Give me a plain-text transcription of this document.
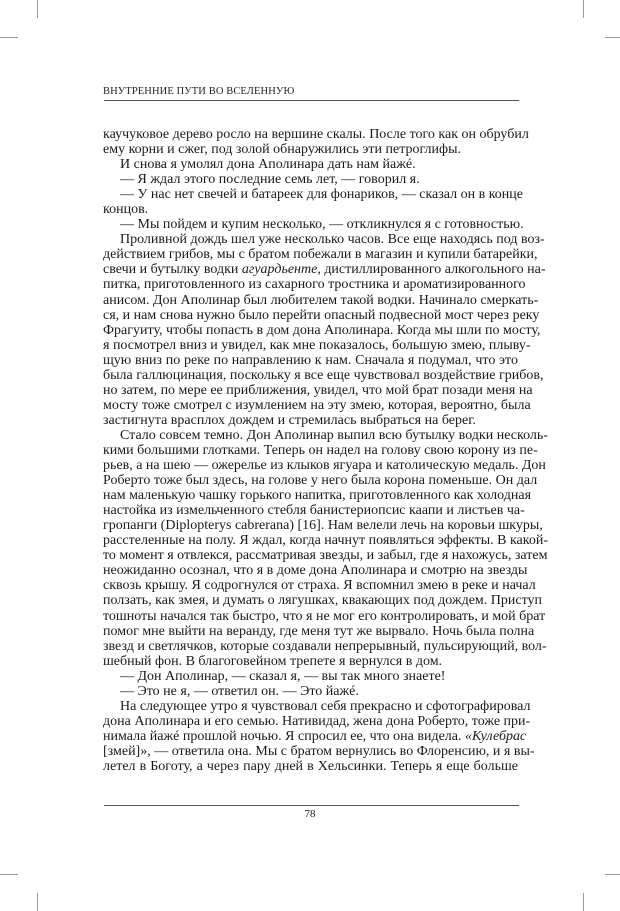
ВНУТРЕННИЕ ПУТИ ВО ВСЕЛЕННУЮ
каучуковое дерево росло на вершине скалы. После того как он обрубил
ему корни и сжег, под золой обнаружились эти петроглифы.
И снова я умолял дона Аполинара дать нам йажé.
— Я ждал этого последние семь лет, — говорил я.
— У нас нет свечей и батареек для фонариков, — сказал он в конце
концов.
— Мы пойдем и купим несколько, — откликнулся я с готовностью.
Проливной дождь шел уже несколько часов. Все еще находясь под воз-
действием грибов, мы с братом побежали в магазин и купили батарейки,
свечи и бутылку водки агуардьенте, дистиллированного алкогольного на-
питка, приготовленного из сахарного тростника и ароматизированного
анисом. Дон Аполинар был любителем такой водки. Начинало смеркать-
ся, и нам снова нужно было перейти опасный подвесной мост через реку
Фрагуиту, чтобы попасть в дом дона Аполинара. Когда мы шли по мосту,
я посмотрел вниз и увидел, как мне показалось, большую змею, плыву-
щую вниз по реке по направлению к нам. Сначала я подумал, что это
была галлюцинация, поскольку я все еще чувствовал воздействие грибов,
но затем, по мере ее приближения, увидел, что мой брат позади меня на
мосту тоже смотрел с изумлением на эту змею, которая, вероятно, была
застигнута врасплох дождем и стремилась выбраться на берег.
Стало совсем темно. Дон Аполинар выпил всю бутылку водки несколь-
кими большими глотками. Теперь он надел на голову свою корону из пе-
рьев, а на шею — ожерелье из клыков ягуара и католическую медаль. Дон
Роберто тоже был здесь, на голове у него была корона поменьше. Он дал
нам маленькую чашку горького напитка, приготовленного как холодная
настойка из измельченного стебля банистериопсис каапи и листьев ча-
гропанги (Diplopterys cabrerana) [16]. Нам велели лечь на коровьи шкуры,
расстеленные на полу. Я ждал, когда начнут появляться эффекты. В какой-
то момент я отвлекся, рассматривая звезды, и забыл, где я нахожусь, затем
неожиданно осознал, что я в доме дона Аполинара и смотрю на звезды
сквозь крышу. Я содрогнулся от страха. Я вспомнил змею в реке и начал
ползать, как змея, и думать о лягушках, квакающих под дождем. Приступ
тошноты начался так быстро, что я не мог его контролировать, и мой брат
помог мне выйти на веранду, где меня тут же вырвало. Ночь была полна
звезд и светлячков, которые создавали непрерывный, пульсирующий, вол-
шебный фон. В благоговейном трепете я вернулся в дом.
— Дон Аполинар, — сказал я, — вы так много знаете!
— Это не я, — ответил он. — Это йажé.
На следующее утро я чувствовал себя прекрасно и сфотографировал
дона Аполинара и его семью. Нативидад, жена дона Роберто, тоже при-
нимала йажé прошлой ночью. Я спросил ее, что она видела. «Кулебрас
[змей]», — ответила она. Мы с братом вернулись во Флоренсию, и я вы-
летел в Боготу, а через пару дней в Хельсинки. Теперь я еще больше
78
